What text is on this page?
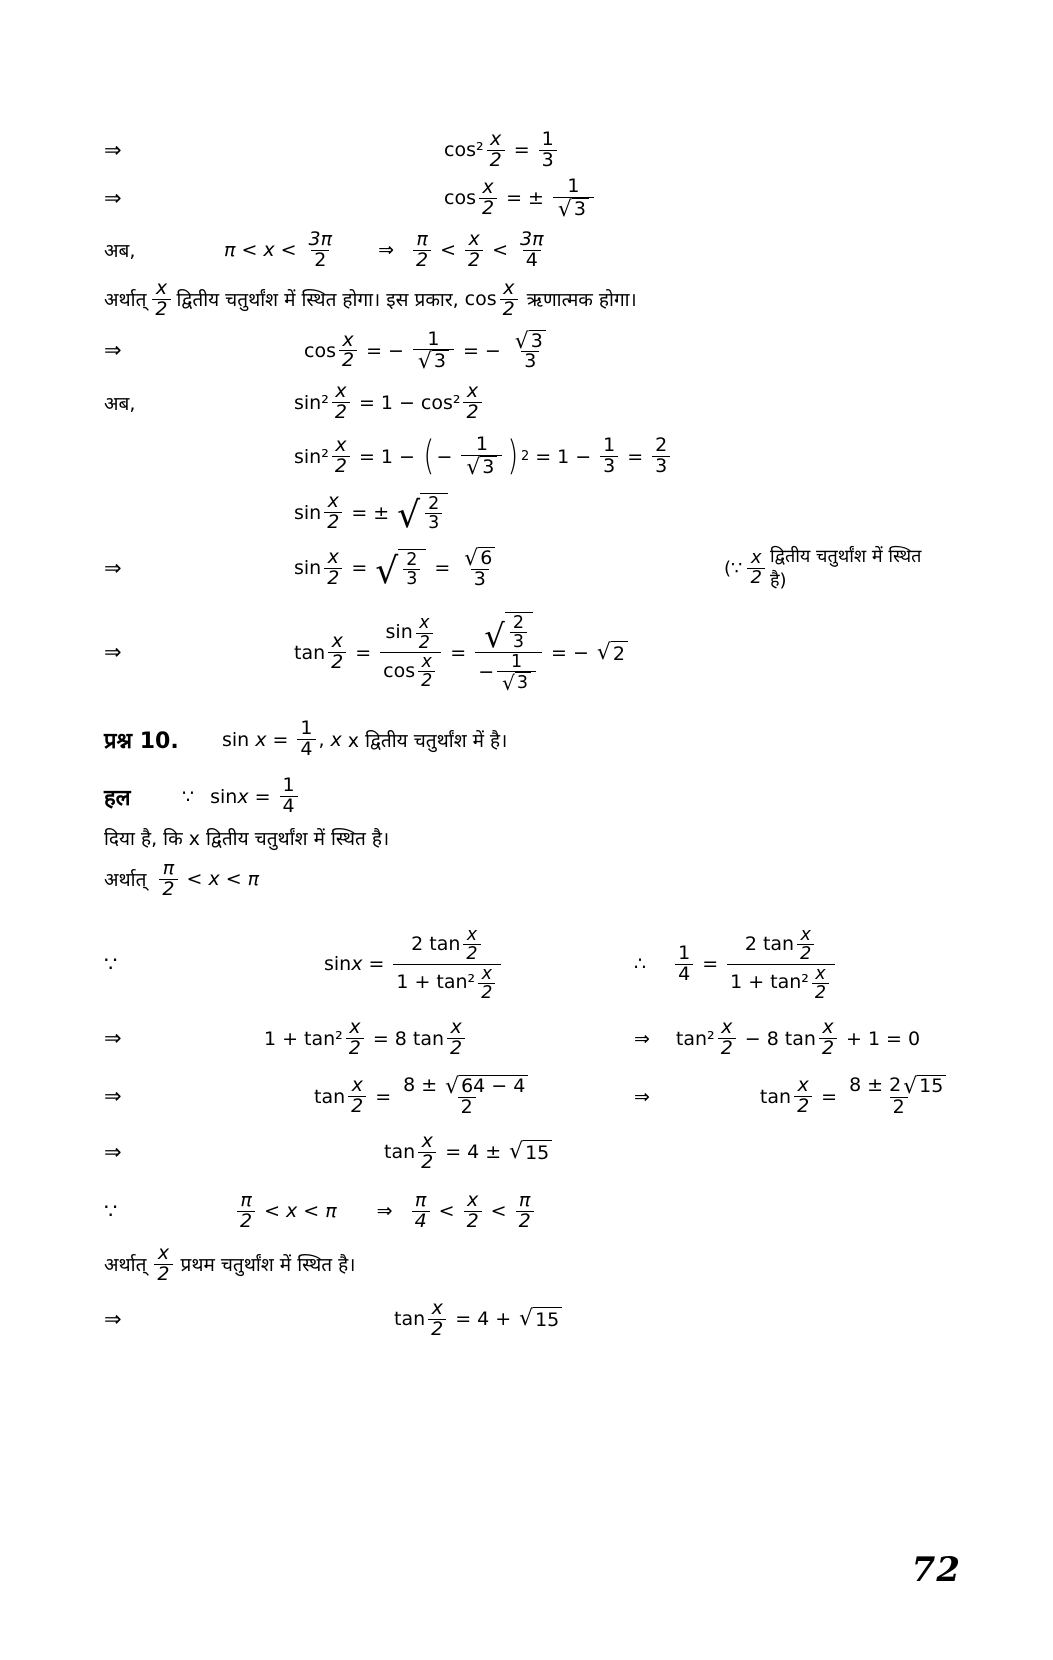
⇒	$\cos^2 \frac{x}{2} = \frac{1}{3}$
⇒	$\cos \frac{x}{2}$ = ± $\frac{1}{√ 3}$
अब,	$\pi < x < \frac{3\pi}{2}$ ⇒ $\frac{\pi}{2} < \frac{x}{2} < \frac{3\pi}{4}$
अर्थात् $\frac{x}{2}$ द्वितीय चतुर्थांश में स्थित होगा। इस प्रकार, $\cos \frac{x}{2}$ ऋणात्मक होगा।
⇒	$\cos \frac{x}{2}$ = − $\frac{1}{√ 3}$ = − $\frac{√ 3}{3}$
अब,	$\sin^2 \frac{x}{2} = 1 - \cos^2 \frac{x}{2}$
$\sin^2 \frac{x}{2} = 1$ − ( − $\frac{1}{√ 3}$ ) $2 = 1 - \frac{1}{3} = \frac{2}{3}$
$\sin \frac{x}{2}$ = ± √ $\frac{2}{3}$
⇒	$\sin \frac{x}{2}$ = √ $\frac{2}{3} = \frac{√ 6}{3}$	( ∵ $\frac{x}{2}$ द्वितीय चतुर्थांश में स्थित है)
⇒	$\tan \frac{x}{2} = \frac{\sin \frac{x}{2}}{\cos \frac{x}{2}} = \frac{√ \frac{2}{3}}{- \frac{1}{√ 3}}$ = − √ 2
प्रश्न 10.	$\sin x = \frac{1}{4}$ , x x द्वितीय चतुर्थांश में है।
हल	∵ $\sin x = \frac{1}{4}$
दिया है, कि x द्वितीय चतुर्थांश में स्थित है।
अर्थात् $\frac{\pi}{2} < x < \pi$
∵	$\sin x = \frac{2 \tan \frac{x}{2}}{1 + \tan^2 \frac{x}{2}}$	∴ $\frac{1}{4} = \frac{2 \tan \frac{x}{2}}{1 + \tan^2 \frac{x}{2}}$
⇒	$1 + \tan^2 \frac{x}{2} = 8$ $\tan \frac{x}{2}$	⇒ $\tan^2 \frac{x}{2} - 8$ $\tan \frac{x}{2} + 1 = 0$
⇒	$\tan \frac{x}{2} = \frac{8 \pm √ 64 - 4}{2}$	⇒	$\tan \frac{x}{2} = \frac{8 \pm 2 √ 15}{2}$
⇒	$\tan \frac{x}{2} = 4$ ± √ 15
∵	$\frac{\pi}{2} < x < \pi$ ⇒ $\frac{\pi}{4} < \frac{x}{2} < \frac{\pi}{2}$
अर्थात् $\frac{x}{2}$ प्रथम चतुर्थांश में स्थित है।
⇒	$\tan \frac{x}{2} = 4$ + √ 15
72
